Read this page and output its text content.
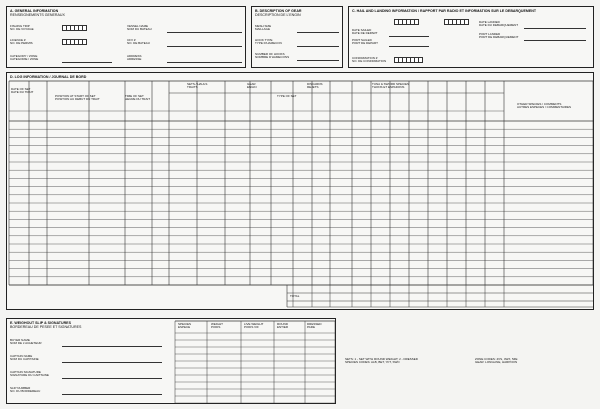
A. GENERAL INFORMATION
RENSEIGNEMENTS GENERAUX
FISHING TRIP
NO. DE VOYAGE
LICENCE #
NO. DE PERMIS
CATEGORY / ZONE
CATEGORIE / ZONE
VESSEL NAME
NOM DU BATEAU
CFV #
NO. DE BATEAU
ADDRESS
ADRESSE
B. DESCRIPTION OF GEAR
DESCRIPTION DE L'ENGIN
MESH SIZE
MAILLAGE
HOOK TYPE
TYPE D'HAMECON
NUMBER OF HOOKS
NOMBRE D'HAMECONS
C. HAIL AND LANDING INFORMATION / RAPPORT PAR RADIO ET INFORMATION SUR LE DEBARQUEMENT
DATE SAILED
DATE DE DEPART
PORT SAILED
PORT DE DEPART
DATE LANDED
DATE DU DEBARQUEMENT
PORT LANDED
PORT DE DEBARQUEMENT
CONFIRMATION #
NO. DE CONFIRMATION
D. LOG INFORMATION / JOURNAL DE BORD
DATE OF SET
DATE DU TRAIT
POSITION AT START OF SET
POSITION AU DEBUT DU TRAIT
TIME OF SET
HEURE DU TRAIT
SETS / HAULS
TRAITS
GEAR
ENGIN
TYPE OF SET
DISCARDS
REJETS
TUNA & SWORD SPECIES
THONS ET ESPADONS
OTHER SPECIES / COMMENTS
AUTRES ESPECES / COMMENTAIRES
TOTAL
E. WEIGHOUT SLIP & SIGNATURES
BORDEREAU DE PESEE ET SIGNATURES
BUYER NAME
NOM DE L'ACHETEUR
CAPTAIN NAME
NOM DU CAPITAINE
CAPTAIN SIGNATURE
SIGNATURE DU CAPITAINE
SLIP NUMBER
NO. DU BORDEREAU
SPECIES
ESPECE
WEIGHT
POIDS
LIVE WEIGHT
POIDS VIF
ROUND
ENTIER
DRESSED
PARE
SETS: 1 - SET WITH ROUND WEIGHT; 2 - DRESSED
SPECIES CODES: ALB, BET, YFT, SWO
ZONE CODES: 4VS, 4WX, 5ZE
GEAR: LONGLINE, HARPOON
